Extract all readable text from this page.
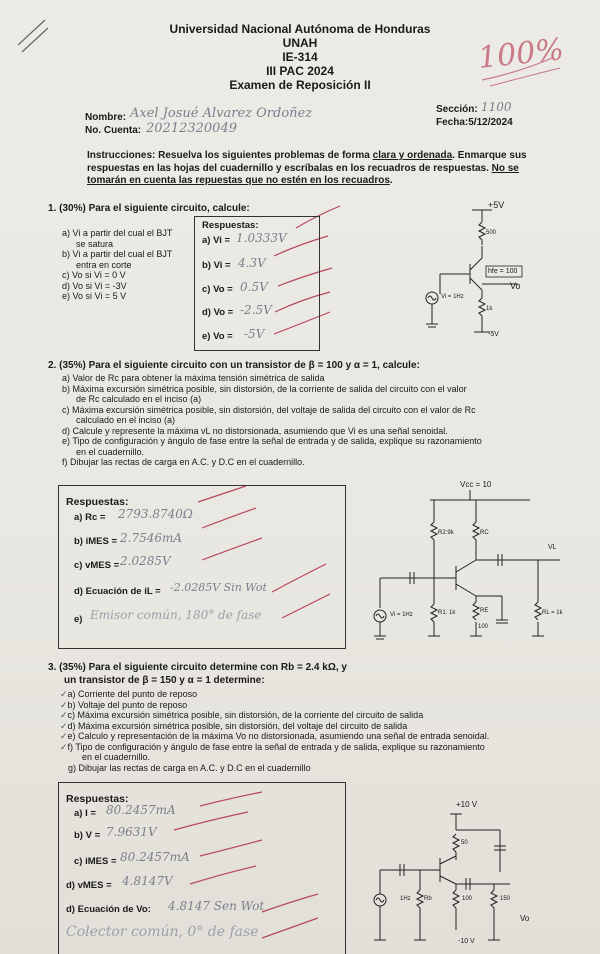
100%
Universidad Nacional Autónoma de Honduras
UNAH
IE-314
III PAC 2024
Examen de Reposición II
Nombre: Axel Josué Alvarez Ordoñez
No. Cuenta: 20212320049
Sección: 1100
Fecha:5/12/2024
Instrucciones: Resuelva los siguientes problemas de forma clara y ordenada. Enmarque sus respuestas en las hojas del cuadernillo y escríbalas en los recuadros de respuestas. No se tomarán en cuenta las repuestas que no estén en los recuadros.
1. (30%) Para el siguiente circuito, calcule:
a) Vi a partir del cual el BJT
se satura
b) Vi a partir del cual el BJT
entra en corte
c) Vo si Vi = 0 V
d) Vo si Vi = -3V
e) Vo si Vi = 5 V
Respuestas:
a) Vi = 1.0333V
b) Vi = 4.3V
c) Vo = 0.5V
d) Vo = -2.5V
e) Vo = -5V
+5V
500
hfe = 100
Vo
Vi = 1Hz
1k
-5V
2. (35%) Para el siguiente circuito con un transistor de β = 100 y α = 1, calcule:
a) Valor de Rc para obtener la máxima tensión simétrica de salida
b) Máxima excursión simétrica posible, sin distorsión, de la corriente de salida del circuito con el valor
de Rc calculado en el inciso (a)
c) Máxima excursión simétrica posible, sin distorsión, del voltaje de salida del circuito con el valor de Rc
calculado en el inciso (a)
d) Calcule y represente la máxima vL no distorsionada, asumiendo que Vi es una señal senoidal.
e) Tipo de configuración y ángulo de fase entre la señal de entrada y de salida, explique su razonamiento
en el cuadernillo.
f) Dibujar las rectas de carga en A.C. y D.C en el cuadernillo.
Respuestas:
a) Rc = 2793.8740Ω
b) iMES = 2.7546mA
c) vMES = 2.0285V
d) Ecuación de iL = -2.0285V Sin Wot
e) Emisor común, 180° de fase
Vcc = 10
R2:9k	RC
VL
Vi = 1Hz	R1: 1k	RE
100
RL = 1k
3. (35%) Para el siguiente circuito determine con Rb = 2.4 kΩ, y
un transistor de β = 150 y α = 1 determine:
✓a) Corriente del punto de reposo
✓b) Voltaje del punto de reposo
✓c) Máxima excursión simétrica posible, sin distorsión, de la corriente del circuito de salida
✓d) Máxima excursión simétrica posible, sin distorsión, del voltaje del circuito de salida
✓e) Calculo y representación de la máxima Vo no distorsionada, asumiendo una señal de entrada senoidal.
✓f) Tipo de configuración y ángulo de fase entre la señal de entrada y de salida, explique su razonamiento
en el cuadernillo.
g) Dibujar las rectas de carga en A.C. y D.C en el cuadernillo
Respuestas:
a) I = 80.2457mA
b) V = 7.9631V
c) iMES = 80.2457mA
d) vMES = 4.8147V
d) Ecuación de Vo: 4.8147 Sen Wot
Colector común, 0° de fase
+10 V
50
1Hz Rb	100	150
Vo
-10 V
